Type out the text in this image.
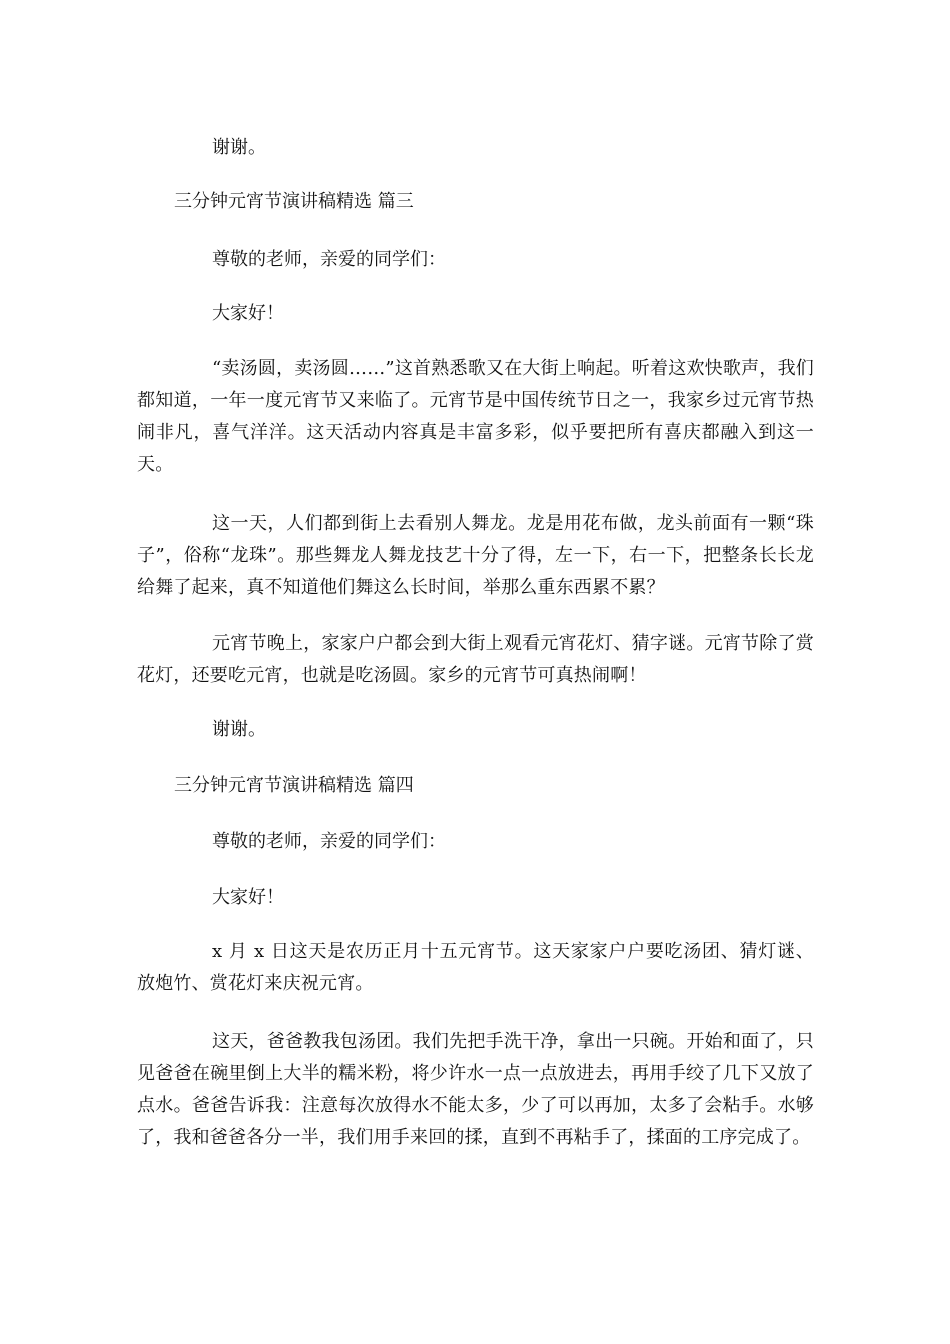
谢谢。
三分钟元宵节演讲稿精选 篇三
尊敬的老师，亲爱的同学们：
大家好！
“卖汤圆，卖汤圆……”这首熟悉歌又在大街上响起。听着这欢快歌声，我们都知道，一年一度元宵节又来临了。元宵节是中国传统节日之一，我家乡过元宵节热闹非凡，喜气洋洋。这天活动内容真是丰富多彩，似乎要把所有喜庆都融入到这一天。
这一天，人们都到街上去看别人舞龙。龙是用花布做，龙头前面有一颗“珠子”，俗称“龙珠”。那些舞龙人舞龙技艺十分了得，左一下，右一下，把整条长长龙给舞了起来，真不知道他们舞这么长时间，举那么重东西累不累？
元宵节晚上，家家户户都会到大街上观看元宵花灯、猜字谜。元宵节除了赏花灯，还要吃元宵，也就是吃汤圆。家乡的元宵节可真热闹啊！
谢谢。
三分钟元宵节演讲稿精选 篇四
尊敬的老师，亲爱的同学们：
大家好！
x 月 x 日这天是农历正月十五元宵节。这天家家户户要吃汤团、猜灯谜、放炮竹、赏花灯来庆祝元宵。
这天，爸爸教我包汤团。我们先把手洗干净，拿出一只碗。开始和面了，只见爸爸在碗里倒上大半的糯米粉，将少许水一点一点放进去，再用手绞了几下又放了点水。爸爸告诉我：注意每次放得水不能太多，少了可以再加，太多了会粘手。水够了，我和爸爸各分一半，我们用手来回的揉，直到不再粘手了，揉面的工序完成了。
